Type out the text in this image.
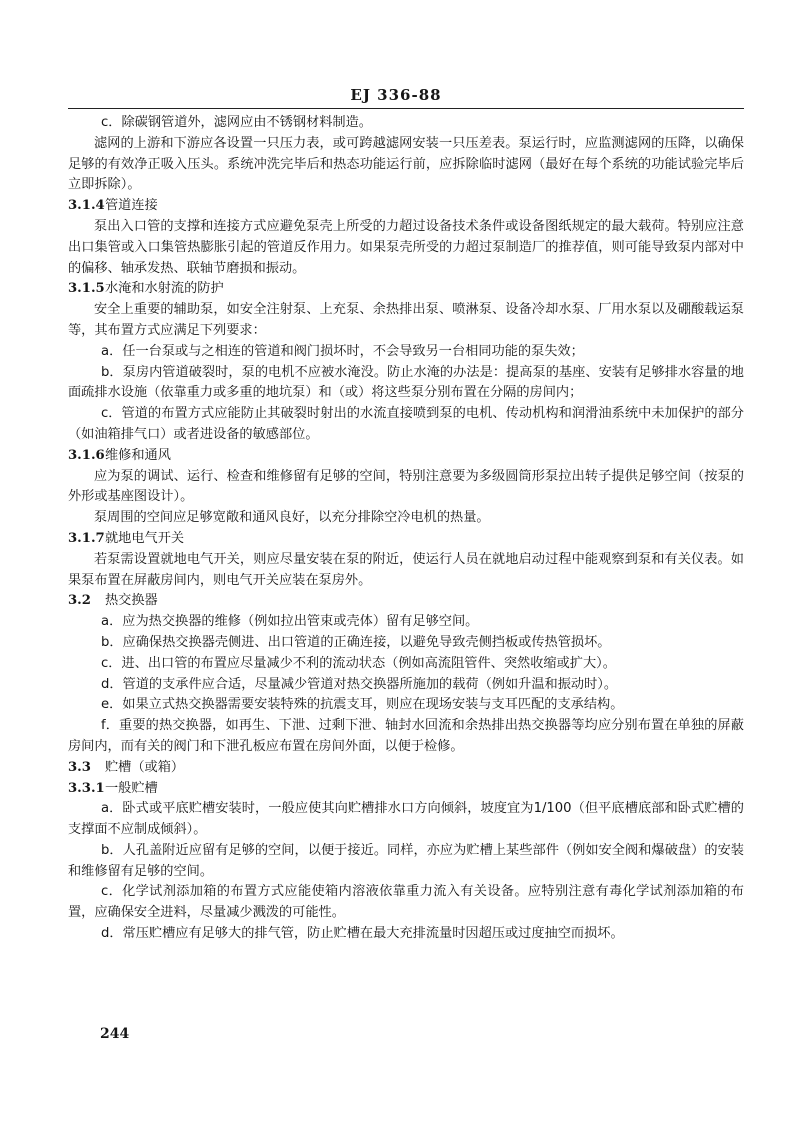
EJ 336-88

c．除碳钢管道外，滤网应由不锈钢材料制造。

滤网的上游和下游应各设置一只压力表，或可跨越滤网安装一只压差表。泵运行时，应监测滤网的压降，以确保足够的有效净正吸入压头。系统冲洗完毕后和热态功能运行前，应拆除临时滤网（最好在每个系统的功能试验完毕后立即拆除）。

3.1.4管道连接

泵出入口管的支撑和连接方式应避免泵壳上所受的力超过设备技术条件或设备图纸规定的最大载荷。特别应注意出口集管或入口集管热膨胀引起的管道反作用力。如果泵壳所受的力超过泵制造厂的推荐值，则可能导致泵内部对中的偏移、轴承发热、联轴节磨损和振动。

3.1.5水淹和水射流的防护

安全上重要的辅助泵，如安全注射泵、上充泵、余热排出泵、喷淋泵、设备冷却水泵、厂用水泵以及硼酸载运泵等，其布置方式应满足下列要求：

a．任一台泵或与之相连的管道和阀门损坏时，不会导致另一台相同功能的泵失效；

b．泵房内管道破裂时，泵的电机不应被水淹没。防止水淹的办法是：提高泵的基座、安装有足够排水容量的地面疏排水设施（依靠重力或多重的地坑泵）和（或）将这些泵分别布置在分隔的房间内；

c．管道的布置方式应能防止其破裂时射出的水流直接喷到泵的电机、传动机构和润滑油系统中未加保护的部分（如油箱排气口）或者进设备的敏感部位。

3.1.6维修和通风

应为泵的调试、运行、检查和维修留有足够的空间，特别注意要为多级圆筒形泵拉出转子提供足够空间（按泵的外形或基座图设计）。

泵周围的空间应足够宽敞和通风良好，以充分排除空冷电机的热量。

3.1.7就地电气开关

若泵需设置就地电气开关，则应尽量安装在泵的附近，使运行人员在就地启动过程中能观察到泵和有关仪表。如果泵布置在屏蔽房间内，则电气开关应装在泵房外。

3.2 热交换器

a．应为热交换器的维修（例如拉出管束或壳体）留有足够空间。

b．应确保热交换器壳侧进、出口管道的正确连接，以避免导致壳侧挡板或传热管损坏。

c．进、出口管的布置应尽量减少不利的流动状态（例如高流阻管件、突然收缩或扩大）。

d．管道的支承件应合适，尽量减少管道对热交换器所施加的载荷（例如升温和振动时）。

e．如果立式热交换器需要安装特殊的抗震支耳，则应在现场安装与支耳匹配的支承结构。

f．重要的热交换器，如再生、下泄、过剩下泄、轴封水回流和余热排出热交换器等均应分别布置在单独的屏蔽房间内，而有关的阀门和下泄孔板应布置在房间外面，以便于检修。

3.3 贮槽（或箱）
3.3.1一般贮槽

a．卧式或平底贮槽安装时，一般应使其向贮槽排水口方向倾斜，坡度宜为1/100（但平底槽底部和卧式贮槽的支撑面不应制成倾斜）。

b．人孔盖附近应留有足够的空间，以便于接近。同样，亦应为贮槽上某些部件（例如安全阀和爆破盘）的安装和维修留有足够的空间。

c．化学试剂添加箱的布置方式应能使箱内溶液依靠重力流入有关设备。应特别注意有毒化学试剂添加箱的布置，应确保安全进料，尽量减少溅泼的可能性。

d．常压贮槽应有足够大的排气管，防止贮槽在最大充排流量时因超压或过度抽空而损坏。

244
